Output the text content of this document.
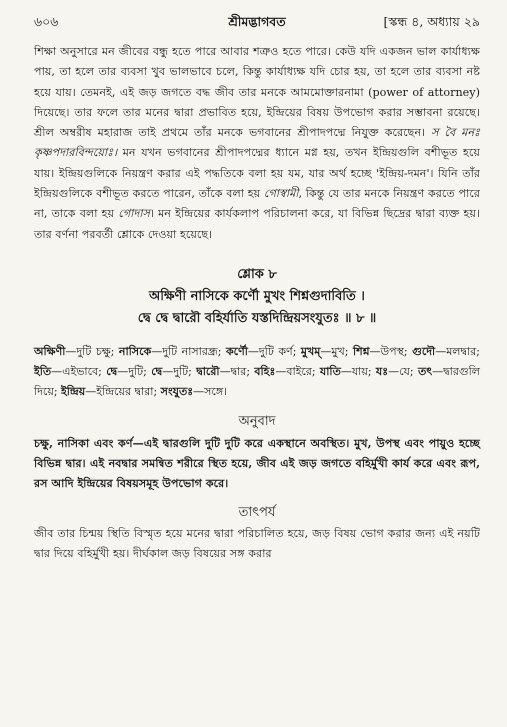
৬০৬	শ্রীমদ্ভাগবত	[স্কন্ধ ৪, অধ্যায় ২৯

শিক্ষা অনুসারে মন জীবের বন্ধু হতে পারে আবার শত্রুও হতে পারে। কেউ যদি একজন ভাল কার্যাধ্যক্ষ পায়, তা হলে তার ব্যবসা খুব ভালভাবে চলে, কিন্তু কার্যাধ্যক্ষ যদি চোর হয়, তা হলে তার ব্যবসা নষ্ট হয়ে যায়। তেমনই, এই জড় জগতে বদ্ধ জীব তার মনকে আমমোক্তারনামা (power of attorney) দিয়েছে। তার ফলে তার মনের দ্বারা প্রভাবিত হয়ে, ইন্দ্রিয়ের বিষয় উপভোগ করার সম্ভাবনা রয়েছে। শ্রীল অম্বরীষ মহারাজ তাই প্রথমে তাঁর মনকে ভগবানের শ্রীপাদপদ্মে নিযুক্ত করেছেন। স বৈ মনঃ কৃষ্ণপদারবিন্দয়োঃ। মন যখন ভগবানের শ্রীপাদপদ্মের ধ্যানে মগ্ন হয়, তখন ইন্দ্রিয়গুলি বশীভূত হয়ে যায়। ইন্দ্রিয়গুলিকে নিয়ন্ত্রণ করার এই পদ্ধতিকে বলা হয় যম, যার অর্থ হচ্ছে 'ইন্দ্রিয়-দমন'। যিনি তাঁর ইন্দ্রিয়গুলিকে বশীভূত করতে পারেন, তাঁকে বলা হয় গোস্বামী, কিন্তু যে তার মনকে নিয়ন্ত্রণ করতে পারে না, তাকে বলা হয় গোদাস। মন ইন্দ্রিয়ের কার্যকলাপ পরিচালনা করে, যা বিভিন্ন ছিদ্রের দ্বারা ব্যক্ত হয়। তার বর্ণনা পরবর্তী শ্লোকে দেওয়া হয়েছে।

শ্লোক ৮
অক্ষিণী নাসিকে কর্ণৌ মুখং শিশ্নগুদাবিতি ।
দ্বে দ্বে দ্বারৌ বহির্যাতি যস্তদিন্দ্রিয়সংযুতঃ ॥ ৮ ॥
অক্ষিণী—দুটি চক্ষু; নাসিকে—দুটি নাসারন্ধ্র; কর্ণৌ—দুটি কর্ণ; মুখম্—মুখ; শিশ্ন—উপস্থ; গুদৌ—মলদ্বার; ইতি—এইভাবে; দ্বে—দুটি; দ্বে—দুটি; দ্বারৌ—দ্বার; বহিঃ—বাইরে; যাতি—যায়; যঃ—যে; তৎ—দ্বারগুলি দিয়ে; ইন্দ্রিয়—ইন্দ্রিয়ের দ্বারা; সংযুতঃ—সঙ্গে।
অনুবাদ
চক্ষু, নাসিকা এবং কর্ণ—এই দ্বারগুলি দুটি দুটি করে একস্থানে অবস্থিত। মুখ, উপস্থ এবং পায়ুও হচ্ছে বিভিন্ন দ্বার। এই নবদ্বার সমন্বিত শরীরে স্থিত হয়ে, জীব এই জড় জগতে বহির্মুখী কার্য করে এবং রূপ, রস আদি ইন্দ্রিয়ের বিষয়সমূহ উপভোগ করে।
তাৎপর্য
জীব তার চিন্ময় স্থিতি বিস্মৃত হয়ে মনের দ্বারা পরিচালিত হয়ে, জড় বিষয় ভোগ করার জন্য এই নয়টি দ্বার দিয়ে বহির্মুখী হয়। দীর্ঘকাল জড় বিষয়ের সঙ্গ করার
